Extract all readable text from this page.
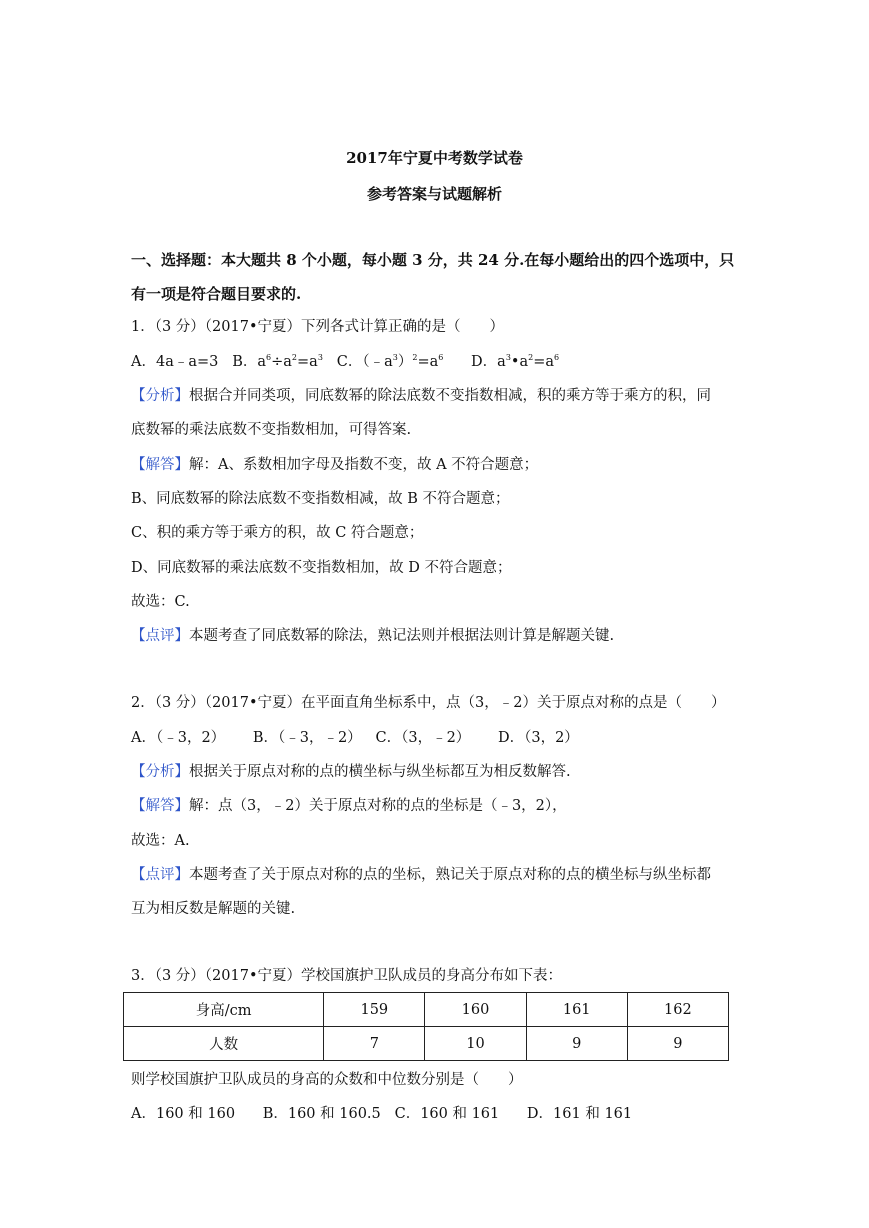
2017年宁夏中考数学试卷
参考答案与试题解析
一、选择题：本大题共 8 个小题，每小题 3 分，共 24 分.在每小题给出的四个选项中，只
有一项是符合题目要求的.
1．（3 分）（2017•宁夏）下列各式计算正确的是（　　）
A．4a﹣a=3 B．$a^6\div a^2=a^3$ C．$(﹣a^3)^2=a^6$ D．$a^3•a^2=a^6$
【分析】根据合并同类项，同底数幂的除法底数不变指数相减，积的乘方等于乘方的积，同
底数幂的乘法底数不变指数相加，可得答案.
【解答】解：A、系数相加字母及指数不变，故 A 不符合题意；
B、同底数幂的除法底数不变指数相减，故 B 不符合题意；
C、积的乘方等于乘方的积，故 C 符合题意；
D、同底数幂的乘法底数不变指数相加，故 D 不符合题意；
故选：C.
【点评】本题考查了同底数幂的除法，熟记法则并根据法则计算是解题关键.
2．（3 分）（2017•宁夏）在平面直角坐标系中，点（3，﹣2）关于原点对称的点是（　　）
A．（﹣3，2） B．（﹣3，﹣2） C．（3，﹣2） D．（3，2）
【分析】根据关于原点对称的点的横坐标与纵坐标都互为相反数解答.
【解答】解：点（3，﹣2）关于原点对称的点的坐标是（﹣3，2），
故选：A.
【点评】本题考查了关于原点对称的点的坐标，熟记关于原点对称的点的横坐标与纵坐标都
互为相反数是解题的关键.
3．（3 分）（2017•宁夏）学校国旗护卫队成员的身高分布如下表：
身高/cm	159	160	161	162
人数	7	10	9	9
则学校国旗护卫队成员的身高的众数和中位数分别是（　　）
A．160 和 160 B．160 和 160.5 C．160 和 161 D．161 和 161
